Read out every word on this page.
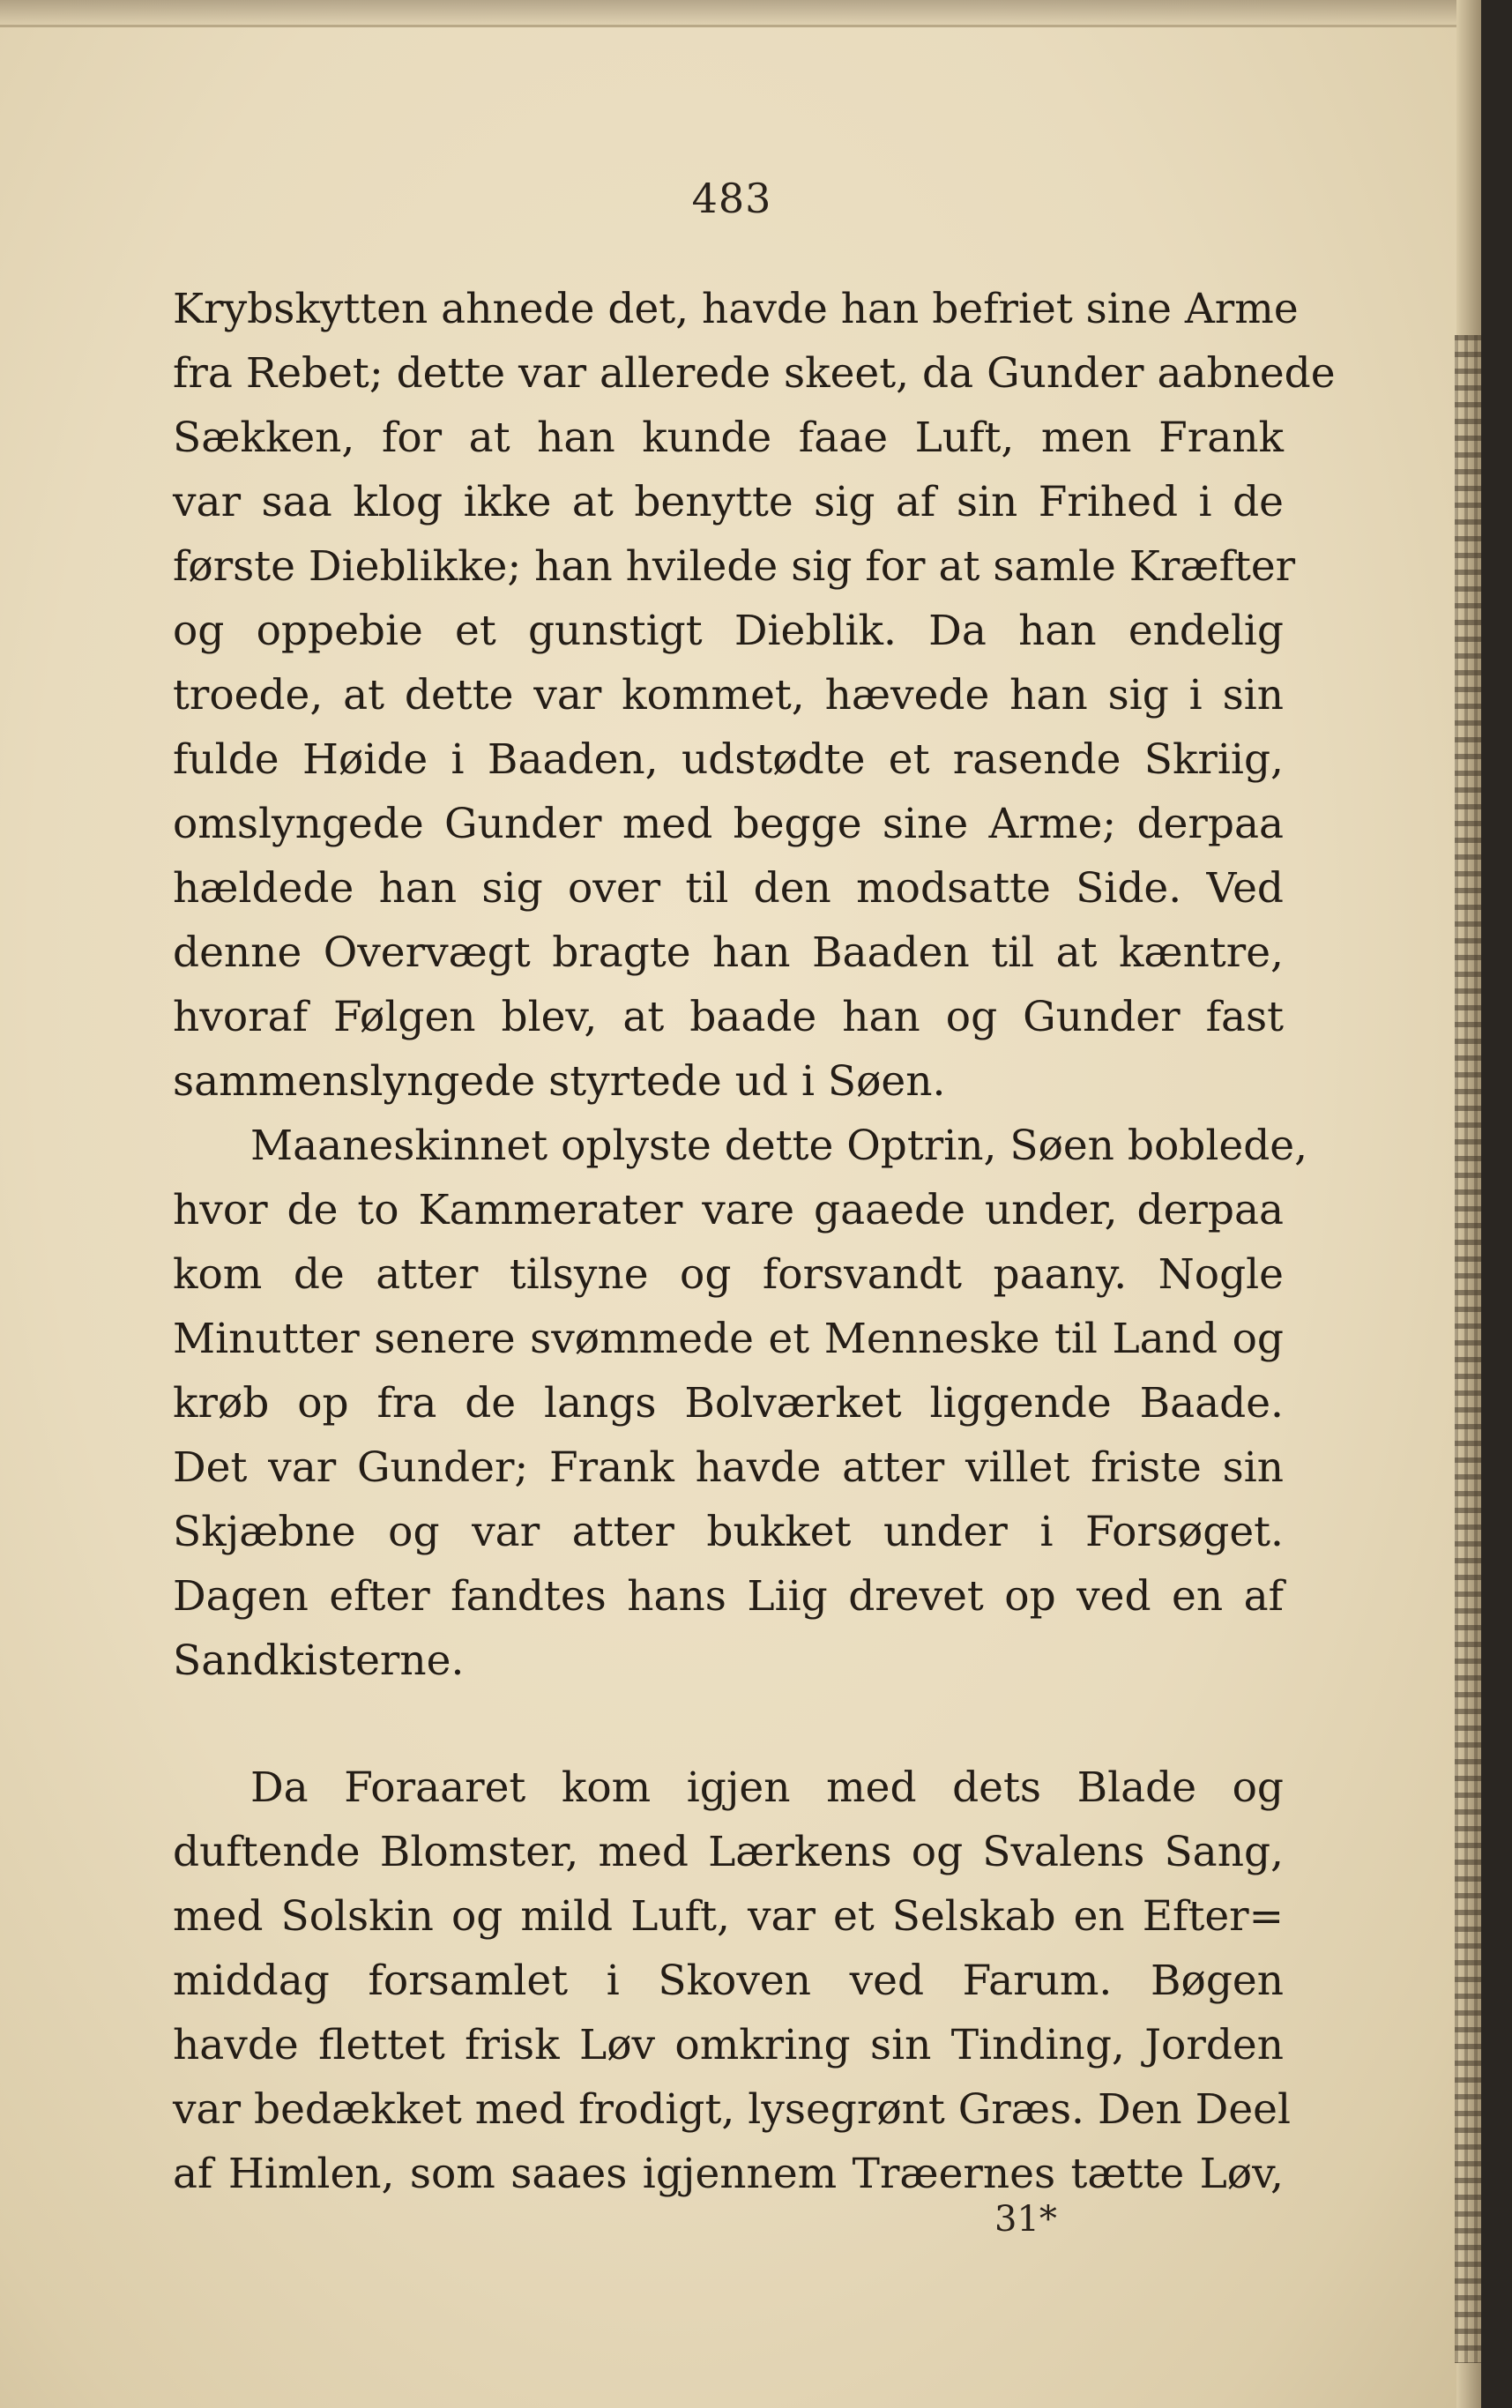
483
Krybskytten ahnede det, havde han befriet sine Arme
fra Rebet; dette var allerede skeet, da Gunder aabnede
Sækken, for at han kunde faae Luft, men Frank
var saa klog ikke at benytte sig af sin Frihed i de
første Dieblikke; han hvilede sig for at samle Kræfter
og oppebie et gunstigt Dieblik. Da han endelig
troede, at dette var kommet, hævede han sig i sin
fulde Høide i Baaden, udstødte et rasende Skriig,
omslyngede Gunder med begge sine Arme; derpaa
hældede han sig over til den modsatte Side. Ved
denne Overvægt bragte han Baaden til at kæntre,
hvoraf Følgen blev, at baade han og Gunder fast
sammenslyngede styrtede ud i Søen.
Maaneskinnet oplyste dette Optrin, Søen boblede,
hvor de to Kammerater vare gaaede under, derpaa
kom de atter tilsyne og forsvandt paany. Nogle
Minutter senere svømmede et Menneske til Land og
krøb op fra de langs Bolværket liggende Baade.
Det var Gunder; Frank havde atter villet friste sin
Skjæbne og var atter bukket under i Forsøget.
Dagen efter fandtes hans Liig drevet op ved en af
Sandkisterne.
Da Foraaret kom igjen med dets Blade og
duftende Blomster, med Lærkens og Svalens Sang,
med Solskin og mild Luft, var et Selskab en Efter=
middag forsamlet i Skoven ved Farum. Bøgen
havde flettet frisk Løv omkring sin Tinding, Jorden
var bedækket med frodigt, lysegrønt Græs. Den Deel
af Himlen, som saaes igjennem Træernes tætte Løv,
31*
